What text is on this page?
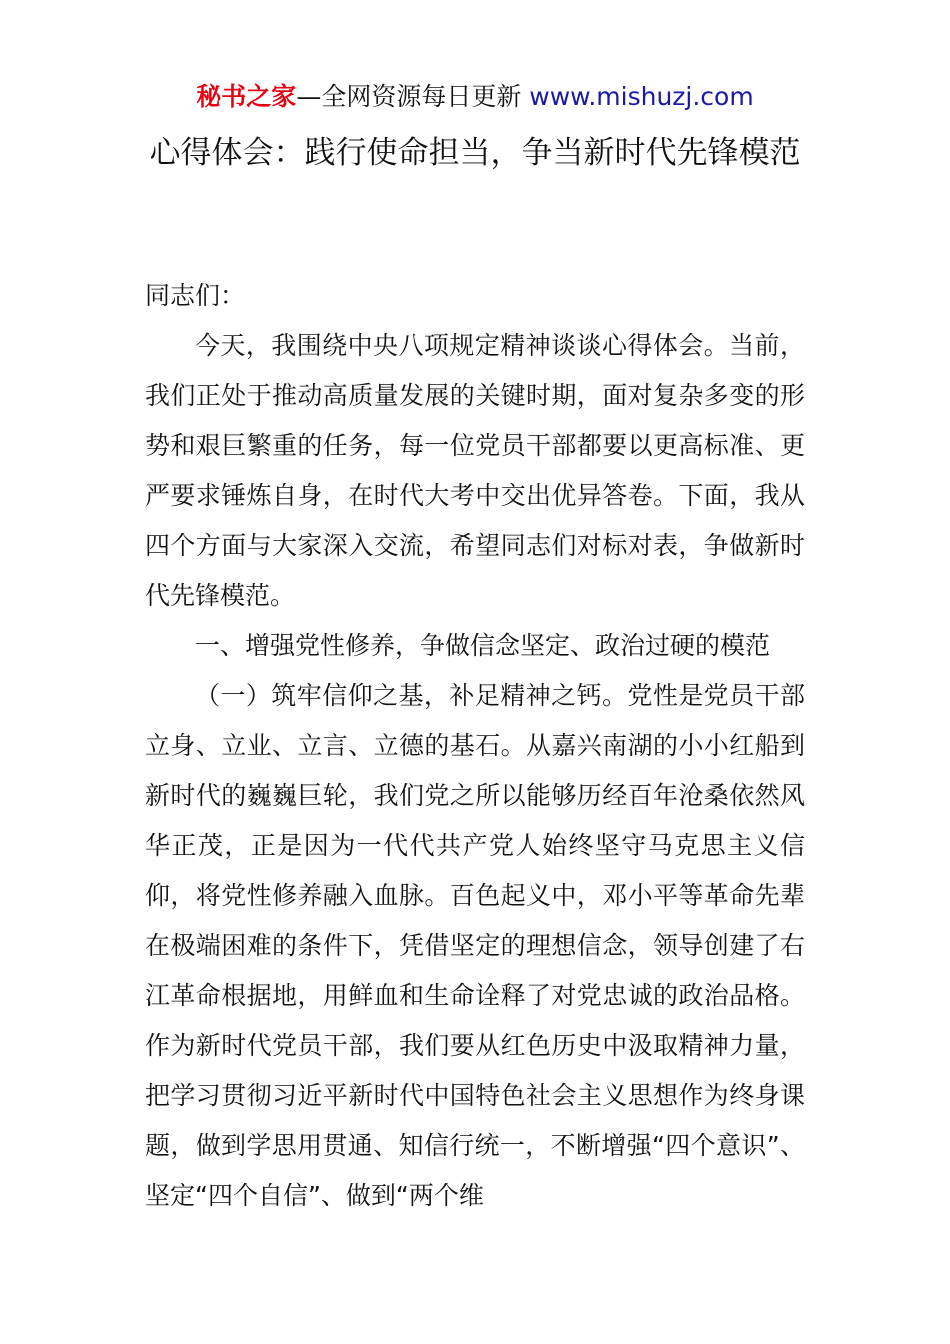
秘书之家—全网资源每日更新 www.mishuzj.com
心得体会：践行使命担当，争当新时代先锋模范

同志们：

今天，我围绕中央八项规定精神谈谈心得体会。当前，我们正处于推动高质量发展的关键时期，面对复杂多变的形势和艰巨繁重的任务，每一位党员干部都要以更高标准、更严要求锤炼自身，在时代大考中交出优异答卷。下面，我从四个方面与大家深入交流，希望同志们对标对表，争做新时代先锋模范。

一、增强党性修养，争做信念坚定、政治过硬的模范

（一）筑牢信仰之基，补足精神之钙。党性是党员干部立身、立业、立言、立德的基石。从嘉兴南湖的小小红船到新时代的巍巍巨轮，我们党之所以能够历经百年沧桑依然风华正茂，正是因为一代代共产党人始终坚守马克思主义信仰，将党性修养融入血脉。百色起义中，邓小平等革命先辈在极端困难的条件下，凭借坚定的理想信念，领导创建了右江革命根据地，用鲜血和生命诠释了对党忠诚的政治品格。作为新时代党员干部，我们要从红色历史中汲取精神力量，把学习贯彻习近平新时代中国特色社会主义思想作为终身课题，做到学思用贯通、知信行统一，不断增强“四个意识”、坚定“四个自信”、做到“两个维
